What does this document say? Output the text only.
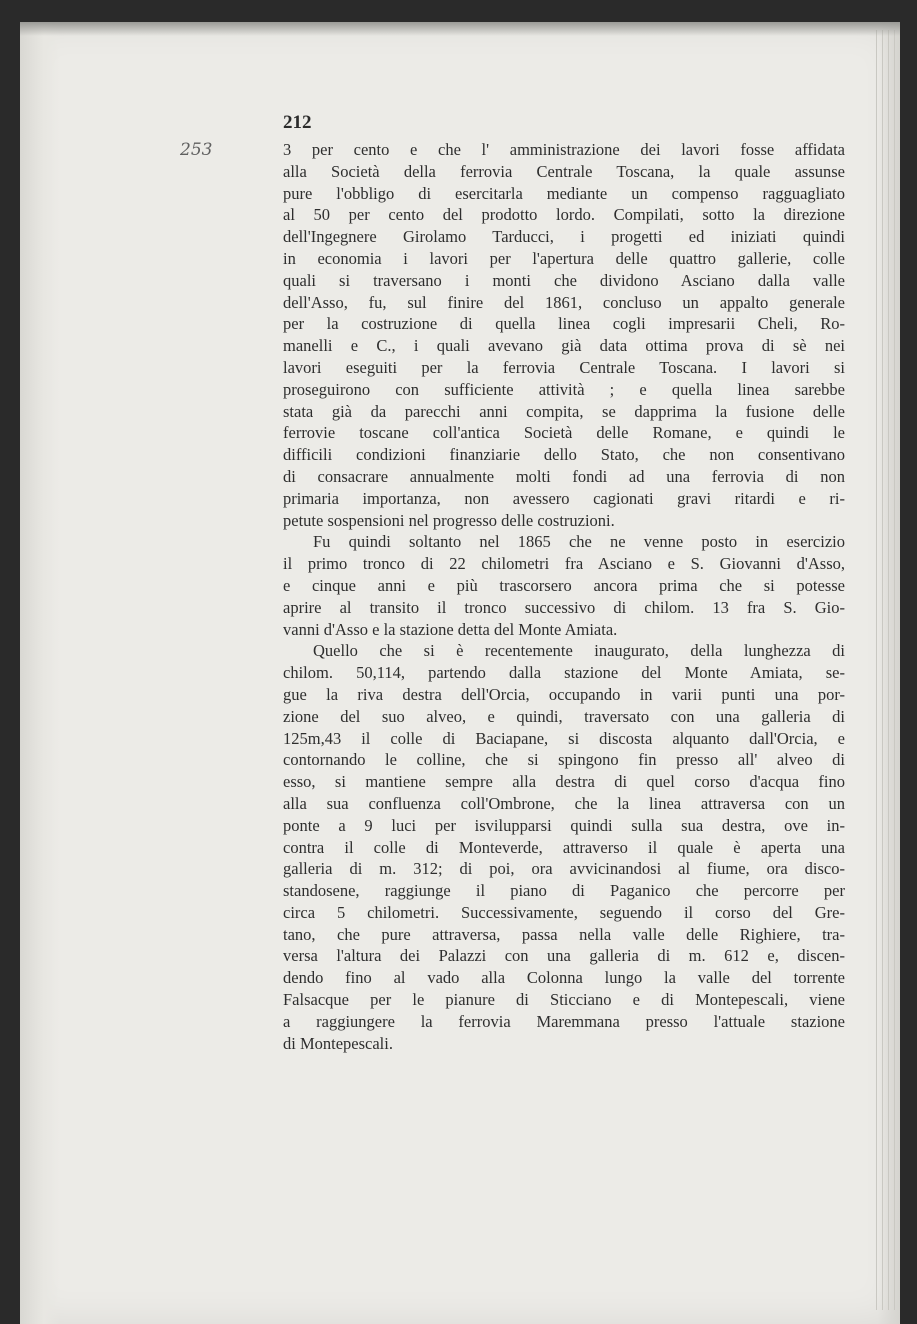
253
212
3 per cento e che l' amministrazione dei lavori fosse affidata
alla Società della ferrovia Centrale Toscana, la quale assunse
pure l'obbligo di esercitarla mediante un compenso ragguagliato
al 50 per cento del prodotto lordo. Compilati, sotto la direzione
dell'Ingegnere Girolamo Tarducci, i progetti ed iniziati quindi
in economia i lavori per l'apertura delle quattro gallerie, colle
quali si traversano i monti che dividono Asciano dalla valle
dell'Asso, fu, sul finire del 1861, concluso un appalto generale
per la costruzione di quella linea cogli impresarii Cheli, Ro-
manelli e C., i quali avevano già data ottima prova di sè nei
lavori eseguiti per la ferrovia Centrale Toscana. I lavori si
proseguirono con sufficiente attività ; e quella linea sarebbe
stata già da parecchi anni compita, se dapprima la fusione delle
ferrovie toscane coll'antica Società delle Romane, e quindi le
difficili condizioni finanziarie dello Stato, che non consentivano
di consacrare annualmente molti fondi ad una ferrovia di non
primaria importanza, non avessero cagionati gravi ritardi e ri-
petute sospensioni nel progresso delle costruzioni.
Fu quindi soltanto nel 1865 che ne venne posto in esercizio
il primo tronco di 22 chilometri fra Asciano e S. Giovanni d'Asso,
e cinque anni e più trascorsero ancora prima che si potesse
aprire al transito il tronco successivo di chilom. 13 fra S. Gio-
vanni d'Asso e la stazione detta del Monte Amiata.
Quello che si è recentemente inaugurato, della lunghezza di
chilom. 50,114, partendo dalla stazione del Monte Amiata, se-
gue la riva destra dell'Orcia, occupando in varii punti una por-
zione del suo alveo, e quindi, traversato con una galleria di
125m,43 il colle di Baciapane, si discosta alquanto dall'Orcia, e
contornando le colline, che si spingono fin presso all' alveo di
esso, si mantiene sempre alla destra di quel corso d'acqua fino
alla sua confluenza coll'Ombrone, che la linea attraversa con un
ponte a 9 luci per isvilupparsi quindi sulla sua destra, ove in-
contra il colle di Monteverde, attraverso il quale è aperta una
galleria di m. 312; di poi, ora avvicinandosi al fiume, ora disco-
standosene, raggiunge il piano di Paganico che percorre per
circa 5 chilometri. Successivamente, seguendo il corso del Gre-
tano, che pure attraversa, passa nella valle delle Righiere, tra-
versa l'altura dei Palazzi con una galleria di m. 612 e, discen-
dendo fino al vado alla Colonna lungo la valle del torrente
Falsacque per le pianure di Sticciano e di Montepescali, viene
a raggiungere la ferrovia Maremmana presso l'attuale stazione
di Montepescali.
